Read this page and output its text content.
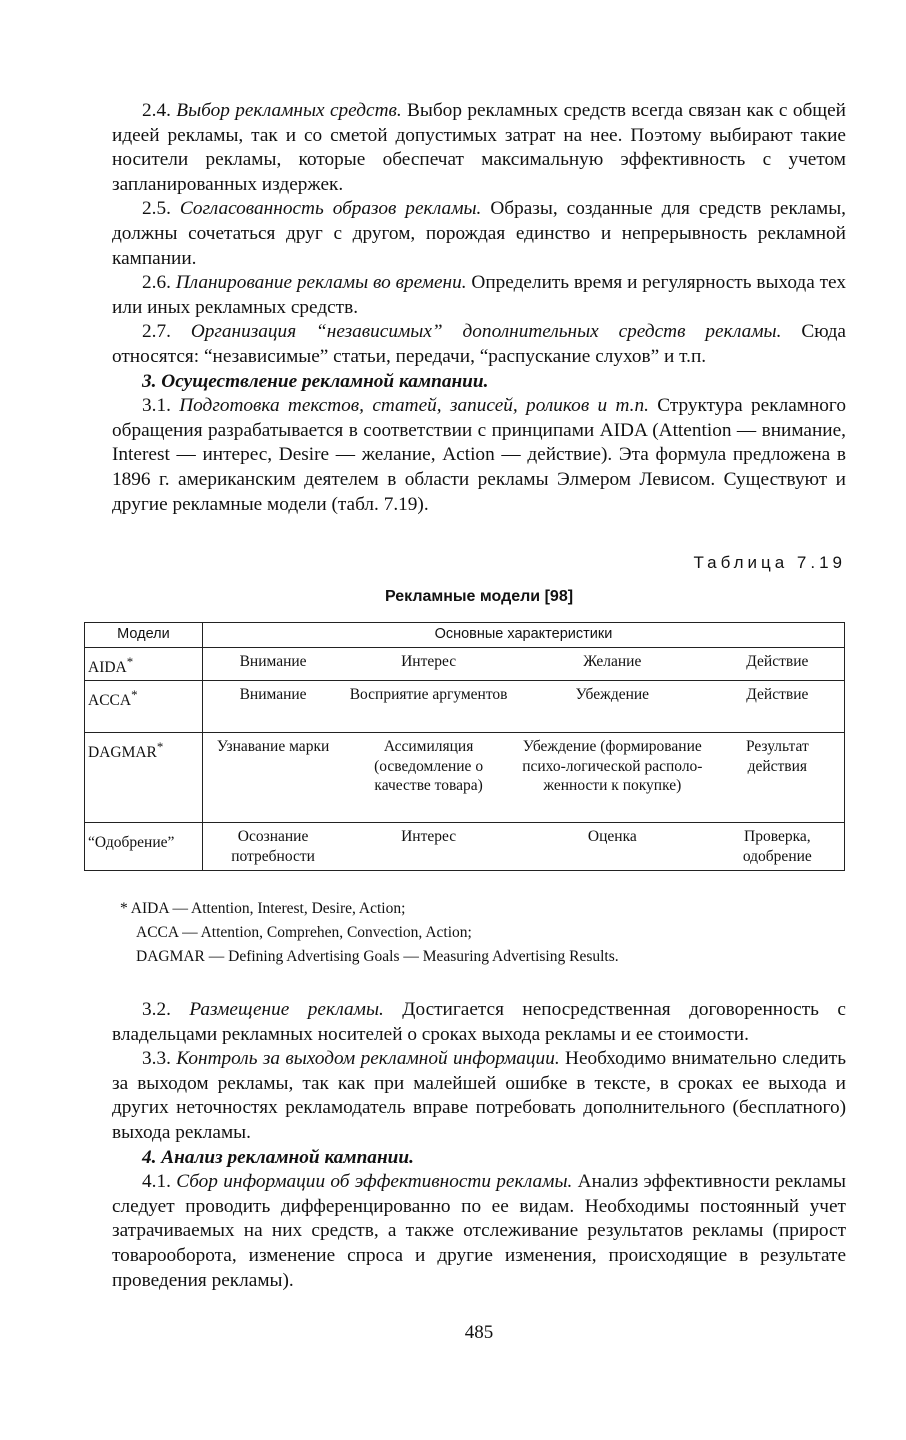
2.4. Выбор рекламных средств. Выбор рекламных средств всегда связан как с общей идеей рекламы, так и со сметой допустимых затрат на нее. Поэтому выбирают такие носители рекламы, которые обеспечат максимальную эффективность с учетом запланированных издержек.

2.5. Согласованность образов рекламы. Образы, созданные для средств рекламы, должны сочетаться друг с другом, порождая единство и непрерывность рекламной кампании.

2.6. Планирование рекламы во времени. Определить время и регулярность выхода тех или иных рекламных средств.

2.7. Организация “независимых” дополнительных средств рекламы. Сюда относятся: “независимые” статьи, передачи, “распускание слухов” и т.п.

3. Осуществление рекламной кампании.

3.1. Подготовка текстов, статей, записей, роликов и т.п. Структура рекламного обращения разрабатывается в соответствии с принципами AIDA (Attention — внимание, Interest — интерес, Desire — желание, Action — действие). Эта формула предложена в 1896 г. американским деятелем в области рекламы Элмером Левисом. Существуют и другие рекламные модели (табл. 7.19).

Таблица 7.19
Рекламные модели [98]
Модели	Основные характеристики			
AIDA*	Внимание	Интерес	Желание	Действие
ACCA*	Внимание	Восприятие аргументов	Убеждение	Действие
DAGMAR*	Узнавание марки	Ассимиляция (осведомление о качестве товара)	Убеждение (формирование психо-логической располо-женности к покупке)	Результат действия
“Одобрение”	Осознание потребности	Интерес	Оценка	Проверка, одобрение

* AIDA — Attention, Interest, Desire, Action;

ACCA — Attention, Comprehen, Convection, Action;

DAGMAR — Defining Advertising Goals — Measuring Advertising Results.

3.2. Размещение рекламы. Достигается непосредственная договоренность с владельцами рекламных носителей о сроках выхода рекламы и ее стоимости.

3.3. Контроль за выходом рекламной информации. Необходимо внимательно следить за выходом рекламы, так как при малейшей ошибке в тексте, в сроках ее выхода и других неточностях рекламодатель вправе потребовать дополнительного (бесплатного) выхода рекламы.

4. Анализ рекламной кампании.

4.1. Сбор информации об эффективности рекламы. Анализ эффективности рекламы следует проводить дифференцированно по ее видам. Необходимы постоянный учет затрачиваемых на них средств, а также отслеживание результатов рекламы (прирост товарооборота, изменение спроса и другие изменения, происходящие в результате проведения рекламы).

485
